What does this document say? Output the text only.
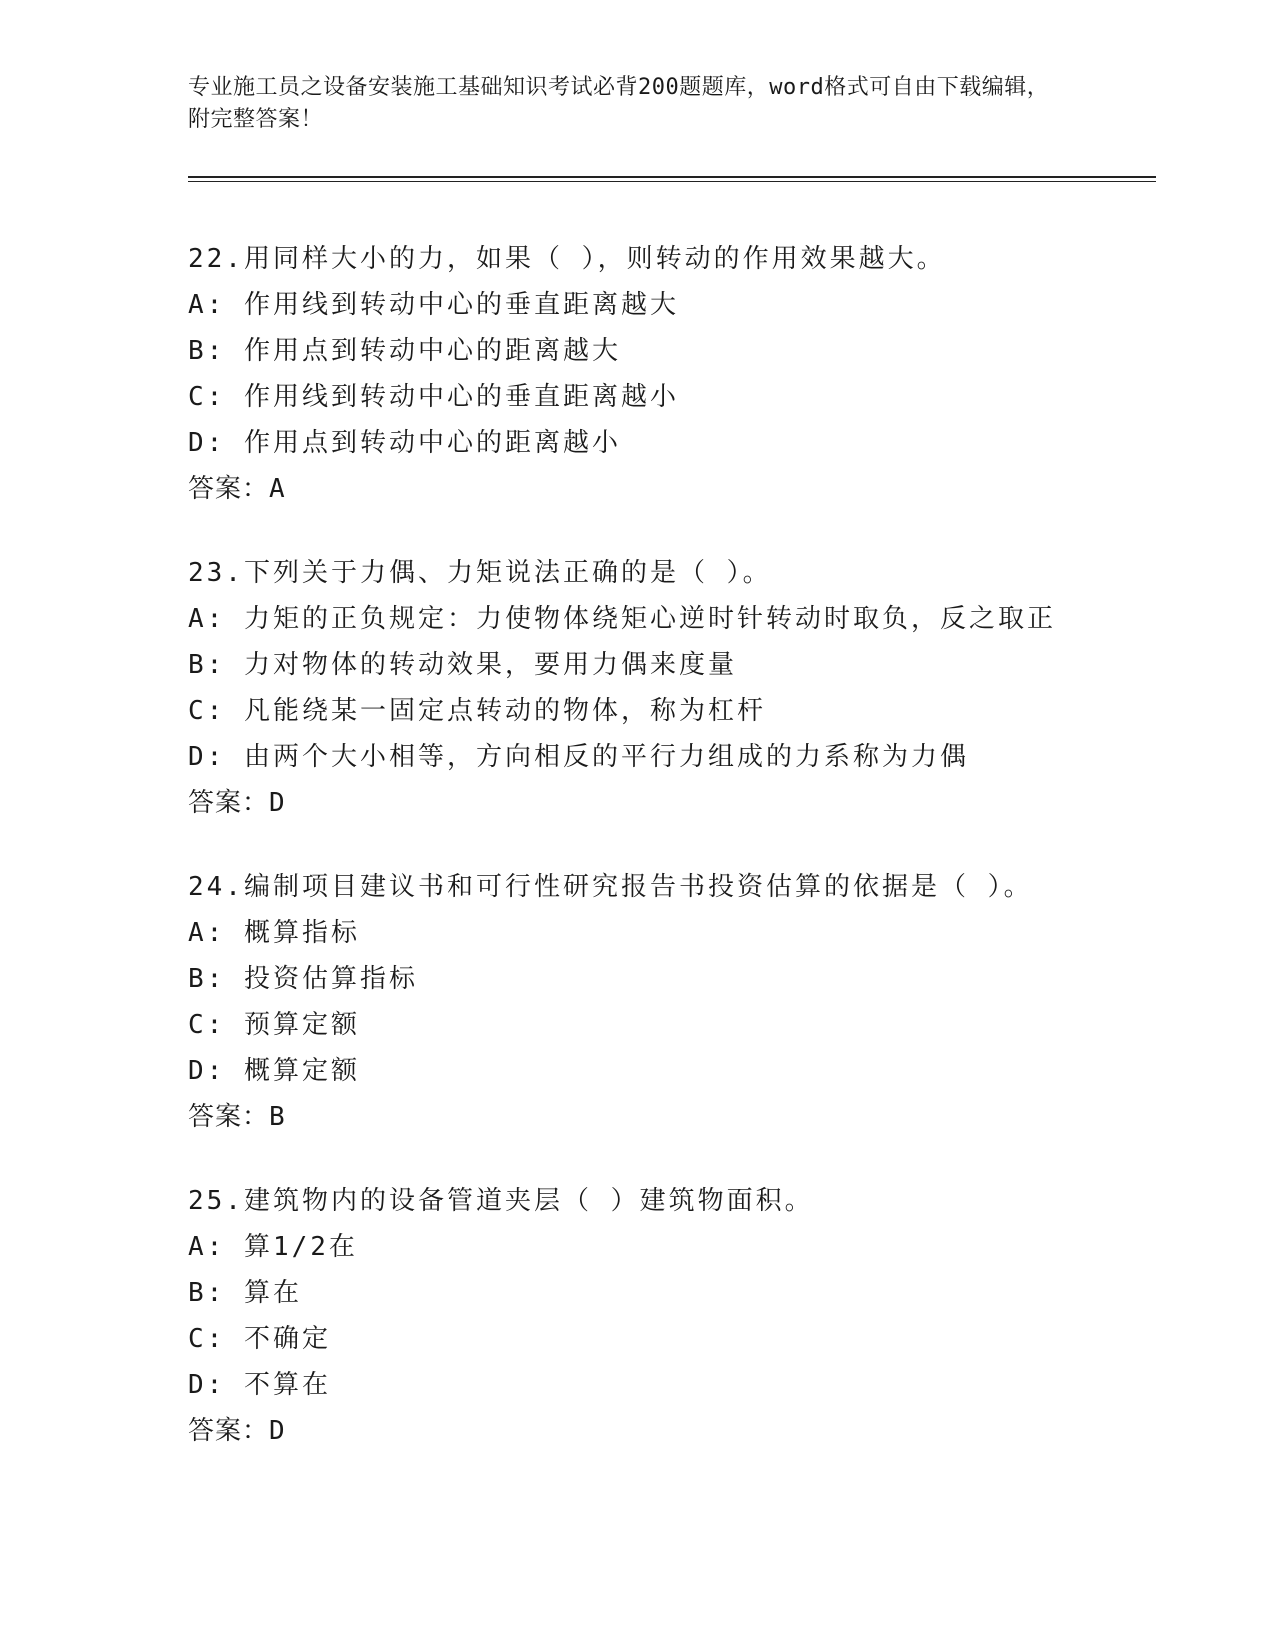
专业施工员之设备安装施工基础知识考试必背200题题库，word格式可自由下载编辑，附完整答案！
22.用同样大小的力，如果（ ），则转动的作用效果越大。
A: 作用线到转动中心的垂直距离越大
B: 作用点到转动中心的距离越大
C: 作用线到转动中心的垂直距离越小
D: 作用点到转动中心的距离越小
答案：A
23.下列关于力偶、力矩说法正确的是（ ）。
A: 力矩的正负规定：力使物体绕矩心逆时针转动时取负，反之取正
B: 力对物体的转动效果，要用力偶来度量
C: 凡能绕某一固定点转动的物体，称为杠杆
D: 由两个大小相等，方向相反的平行力组成的力系称为力偶
答案：D
24.编制项目建议书和可行性研究报告书投资估算的依据是（ ）。
A: 概算指标
B: 投资估算指标
C: 预算定额
D: 概算定额
答案：B
25.建筑物内的设备管道夹层（ ）建筑物面积。
A: 算1/2在
B: 算在
C: 不确定
D: 不算在
答案：D
